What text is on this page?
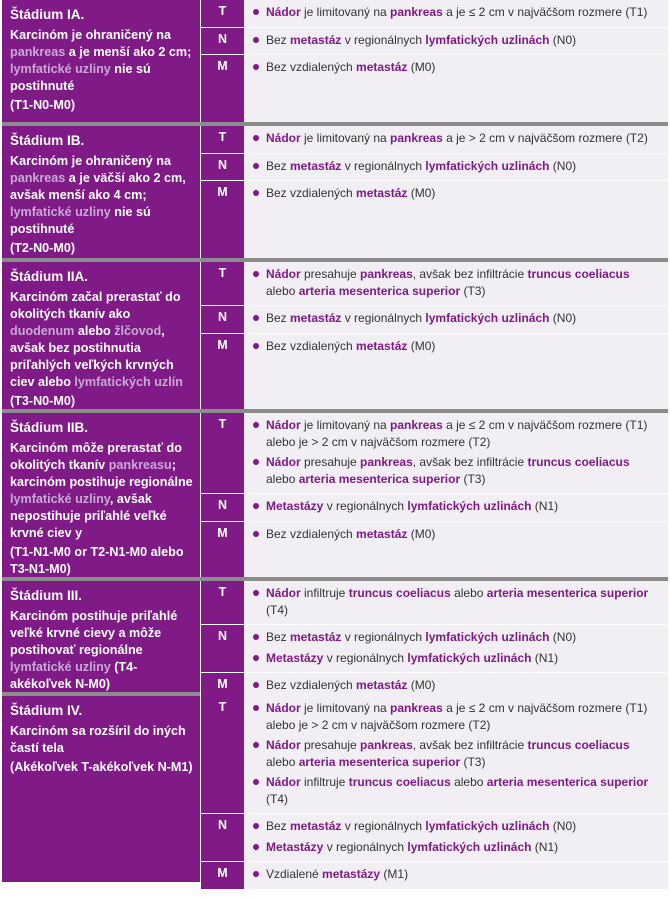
Štádium IA.
Karcinóm je ohraničený na pankreas a je menší ako 2 cm; lymfatické uzliny nie sú postihnuté
(T1-N0-M0)
T	Nádor je limitovaný na pankreas a je ≤ 2 cm v najväčšom rozmere (T1)
N	Bez metastáz v regionálnych lymfatických uzlinách (N0)
M	Bez vzdialených metastáz (M0)
Štádium IB.
Karcinóm je ohraničený na pankreas a je väčší ako 2 cm, avšak menší ako 4 cm; lymfatické uzliny nie sú postihnuté
(T2-N0-M0)
T	Nádor je limitovaný na pankreas a je > 2 cm v najväčšom rozmere (T2)
N	Bez metastáz v regionálnych lymfatických uzlinách (N0)
M	Bez vzdialených metastáz (M0)
Štádium IIA.
Karcinóm začal prerastať do okolitých tkanív ako duodenum alebo žlčovod, avšak bez postihnutia priľahlých veľkých krvných ciev alebo lymfatických uzlín
(T3-N0-M0)
T	Nádor presahuje pankreas, avšak bez infiltrácie truncus coeliacus alebo arteria mesenterica superior (T3)
N	Bez metastáz v regionálnych lymfatických uzlinách (N0)
M	Bez vzdialených metastáz (M0)
Štádium IIB.
Karcinóm môže prerastať do okolitých tkanív pankreasu; karcinóm postihuje regionálne lymfatické uzliny, avšak nepostihuje priľahlé veľké krvné ciev y
(T1-N1-M0 or T2-N1-M0 alebo T3-N1-M0)
T	Nádor je limitovaný na pankreas a je ≤ 2 cm v najväčšom rozmere (T1) alebo je > 2 cm v najväčšom rozmere (T2)
Nádor presahuje pankreas, avšak bez infiltrácie truncus coeliacus alebo arteria mesenterica superior (T3)
N	Metastázy v regionálnych lymfatických uzlinách (N1)
M	Bez vzdialených metastáz (M0)
Štádium III.
Karcinóm postihuje priľahlé veľké krvné cievy a môže postihovať regionálne lymfatické uzliny (T4-akékoľvek N-M0)
T	Nádor infiltruje truncus coeliacus alebo arteria mesenterica superior (T4)
N	Bez metastáz v regionálnych lymfatických uzlinách (N0)
Metastázy v regionálnych lymfatických uzlinách (N1)
M	Bez vzdialených metastáz (M0)
Štádium IV.
Karcinóm sa rozšíril do iných častí tela
(Akékoľvek T-akékoľvek N-M1)
T	Nádor je limitovaný na pankreas a je ≤ 2 cm v najväčšom rozmere (T1) alebo je > 2 cm v najväčšom rozmere (T2)
Nádor presahuje pankreas, avšak bez infiltrácie truncus coeliacus alebo arteria mesenterica superior (T3)
Nádor infiltruje truncus coeliacus alebo arteria mesenterica superior (T4)
N	Bez metastáz v regionálnych lymfatických uzlinách (N0)
Metastázy v regionálnych lymfatických uzlinách (N1)
M	Vzdialené metastázy (M1)
